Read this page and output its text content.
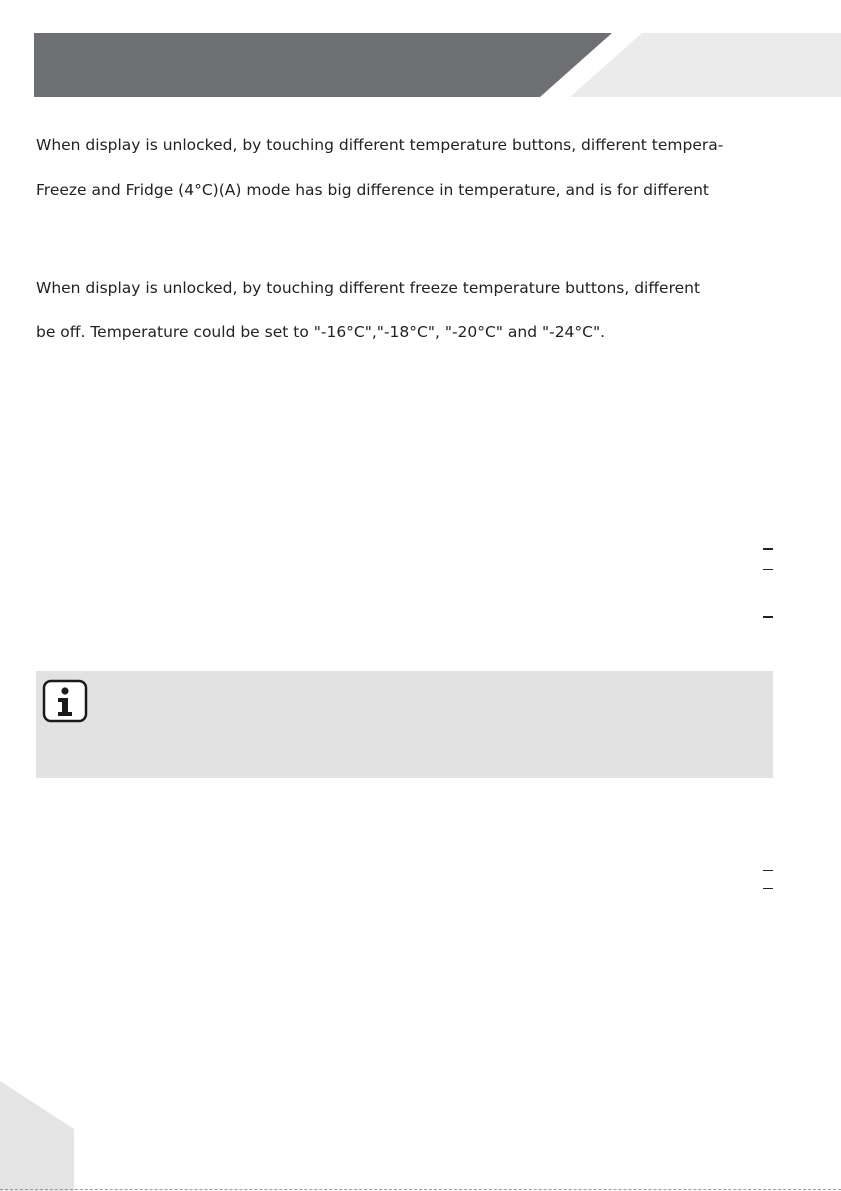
When display is unlocked, by touching different temperature buttons, different tempera-

Freeze and Fridge (4°C)(A) mode has big difference in temperature, and is for different

When display is unlocked, by touching different freeze temperature buttons, different

be off. Temperature could be set to "-16°C","-18°C", "-20°C" and "-24°C".
